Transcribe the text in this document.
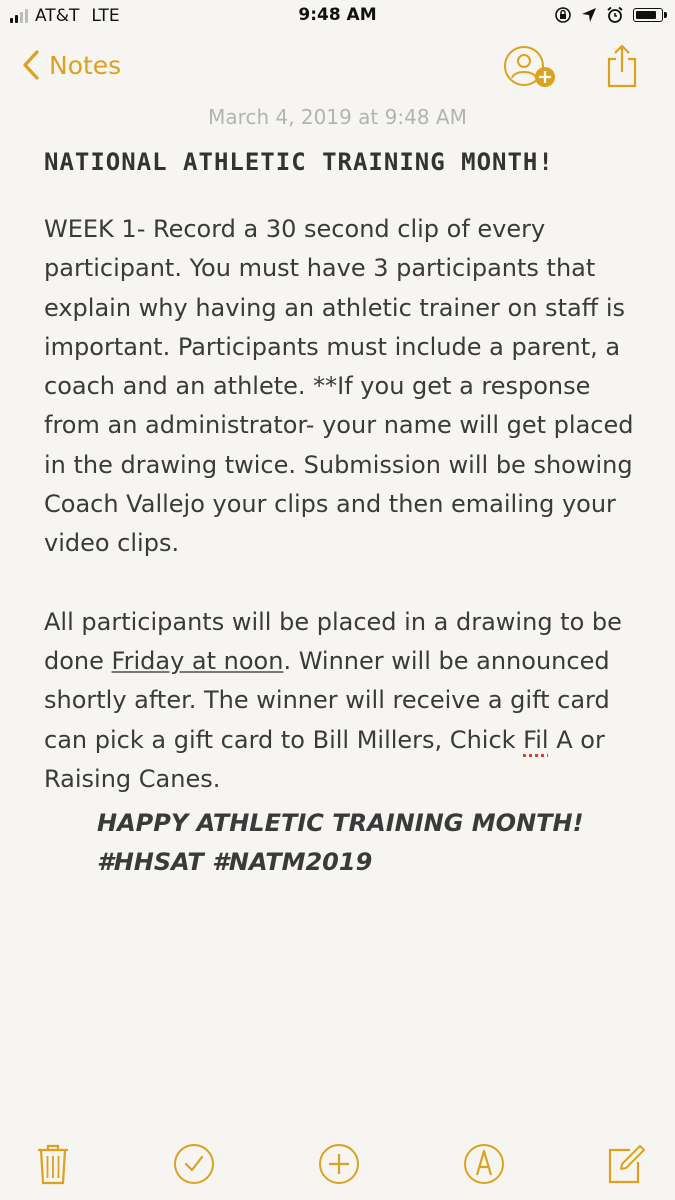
AT&T LTE	9:48 AM
Notes
March 4, 2019 at 9:48 AM
NATIONAL ATHLETIC TRAINING MONTH!

WEEK 1- Record a 30 second clip of every participant. You must have 3 participants that explain why having an athletic trainer on staff is important. Participants must include a parent, a coach and an athlete. **If you get a response from an administrator- your name will get placed in the drawing twice. Submission will be showing Coach Vallejo your clips and then emailing your video clips.

All participants will be placed in a drawing to be done Friday at noon. Winner will be announced shortly after. The winner will receive a gift card can pick a gift card to Bill Millers, Chick Fil A or Raising Canes.

HAPPY ATHLETIC TRAINING MONTH!
#HHSAT #NATM2019
